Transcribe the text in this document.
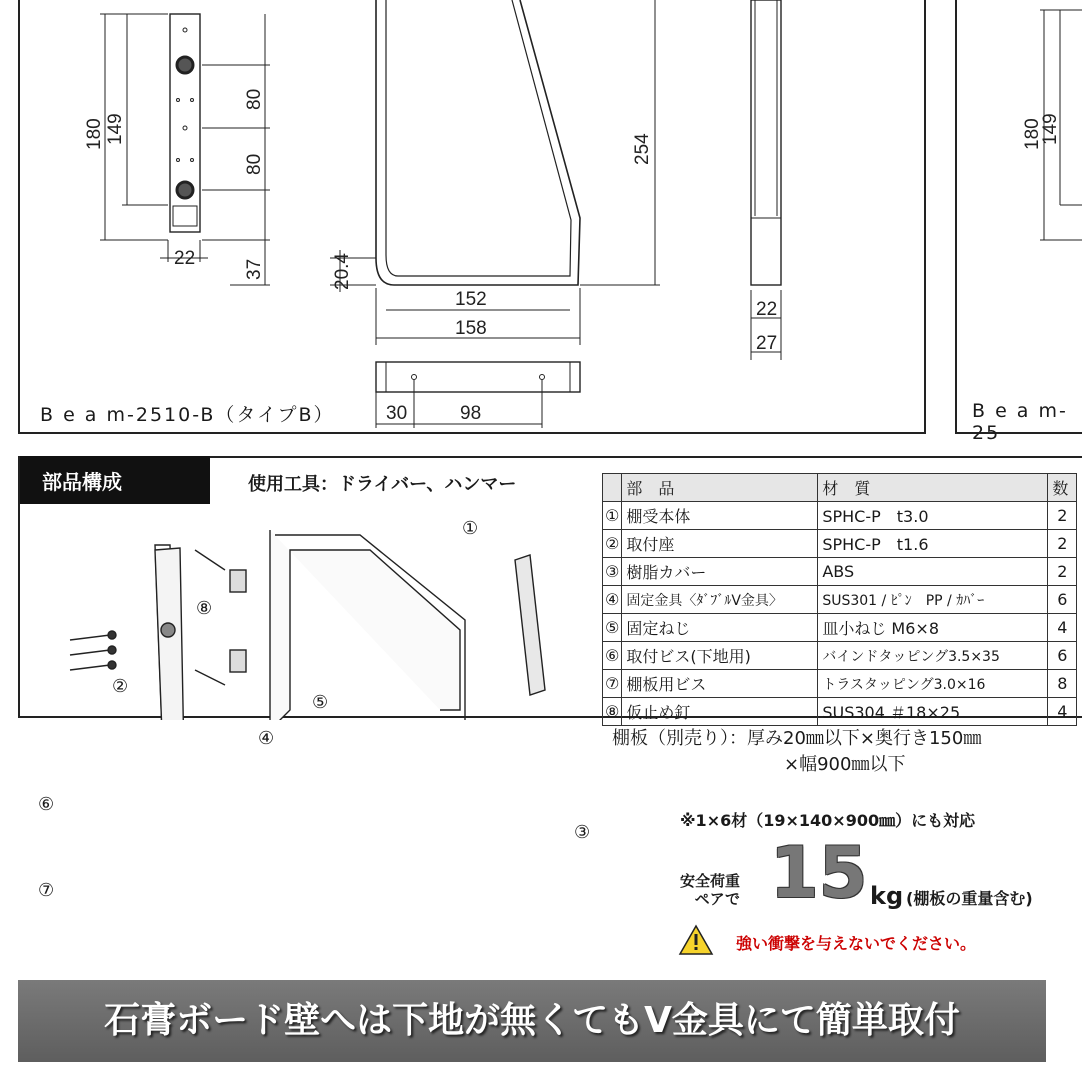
180 149
80
80
22
37
254
20.4
152
158
22
27
30	98
180
149
B e a m-2510-B（タイプB）	B e a m-25
部品構成	使用工具：ドライバー、ハンマー
①
②
③
④
⑤
⑥
⑦
⑧
	部　品	材　質	数
①	棚受本体	SPHC-P　t3.0	2
②	取付座	SPHC-P　t1.6	2
③	樹脂カバー	ABS	2
④	固定金具〈ﾀﾞﾌﾞﾙV金具〉	SUS301 / ﾋﾟﾝ　PP / ｶﾊﾞｰ	6
⑤	固定ねじ	皿小ねじ M6×8	4
⑥	取付ビス(下地用)	バインドタッピング3.5×35	6
⑦	棚板用ビス	トラスタッピング3.0×16	8
⑧	仮止め釘	SUS304 ＃18×25	4
棚板（別売り）：厚み20㎜以下×奥行き150㎜
×幅900㎜以下
※1×6材（19×140×900㎜）にも対応
安全荷重
ペアで 15 kg (棚板の重量含む)
強い衝撃を与えないでください。
石膏ボード壁へは下地が無くてもV金具にて簡単取付
